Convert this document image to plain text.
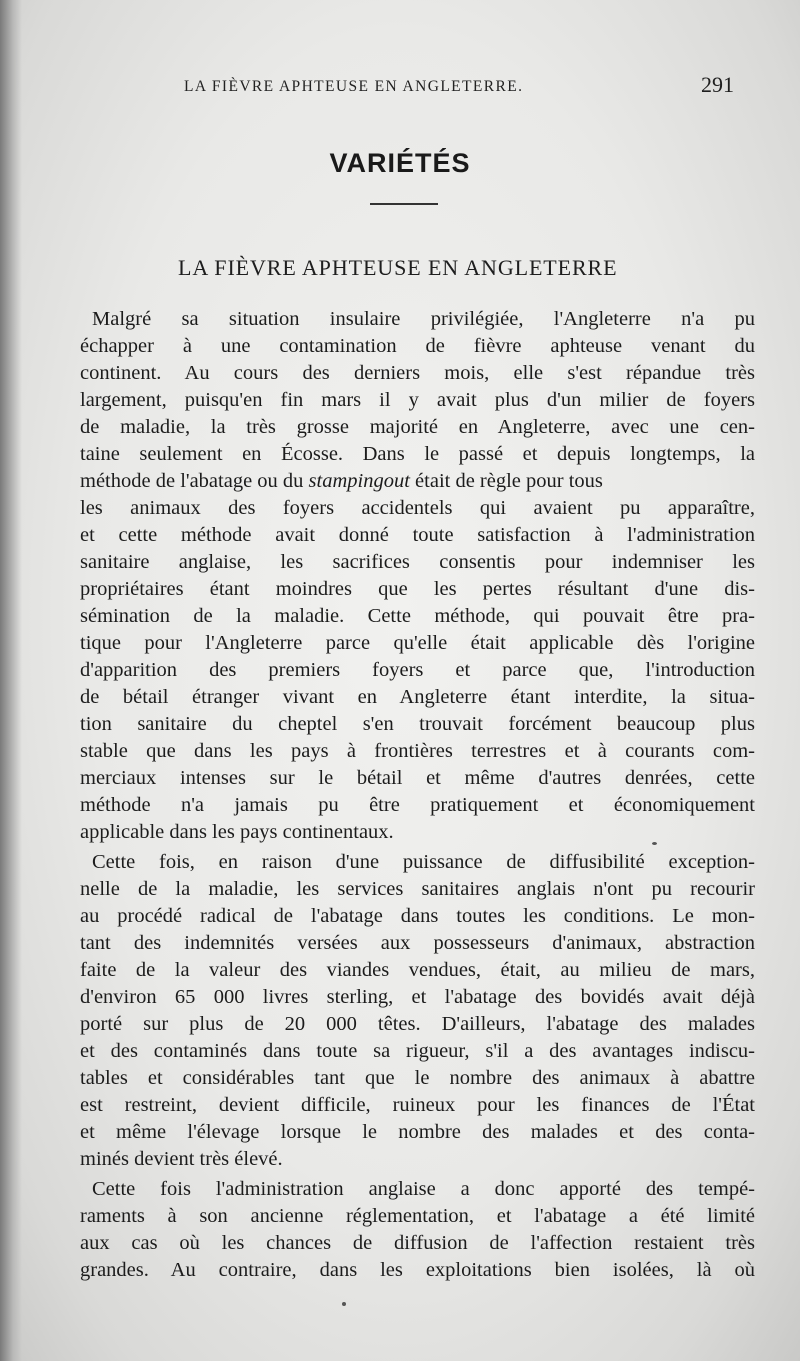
LA FIÈVRE APHTEUSE EN ANGLETERRE.	291
VARIÉTÉS
LA FIÈVRE APHTEUSE EN ANGLETERRE
Malgré sa situation insulaire privilégiée, l'Angleterre n'a pu
échapper à une contamination de fièvre aphteuse venant du
continent. Au cours des derniers mois, elle s'est répandue très
largement, puisqu'en fin mars il y avait plus d'un milier de foyers
de maladie, la très grosse majorité en Angleterre, avec une cen-
taine seulement en Écosse. Dans le passé et depuis longtemps, la
méthode de l'abatage ou du stampingout était de règle pour tous
les animaux des foyers accidentels qui avaient pu apparaître,
et cette méthode avait donné toute satisfaction à l'administration
sanitaire anglaise, les sacrifices consentis pour indemniser les
propriétaires étant moindres que les pertes résultant d'une dis-
sémination de la maladie. Cette méthode, qui pouvait être pra-
tique pour l'Angleterre parce qu'elle était applicable dès l'origine
d'apparition des premiers foyers et parce que, l'introduction
de bétail étranger vivant en Angleterre étant interdite, la situa-
tion sanitaire du cheptel s'en trouvait forcément beaucoup plus
stable que dans les pays à frontières terrestres et à courants com-
merciaux intenses sur le bétail et même d'autres denrées, cette
méthode n'a jamais pu être pratiquement et économiquement
applicable dans les pays continentaux.
Cette fois, en raison d'une puissance de diffusibilité exception-
nelle de la maladie, les services sanitaires anglais n'ont pu recourir
au procédé radical de l'abatage dans toutes les conditions. Le mon-
tant des indemnités versées aux possesseurs d'animaux, abstraction
faite de la valeur des viandes vendues, était, au milieu de mars,
d'environ 65 000 livres sterling, et l'abatage des bovidés avait déjà
porté sur plus de 20 000 têtes. D'ailleurs, l'abatage des malades
et des contaminés dans toute sa rigueur, s'il a des avantages indiscu-
tables et considérables tant que le nombre des animaux à abattre
est restreint, devient difficile, ruineux pour les finances de l'État
et même l'élevage lorsque le nombre des malades et des conta-
minés devient très élevé.
Cette fois l'administration anglaise a donc apporté des tempé-
raments à son ancienne réglementation, et l'abatage a été limité
aux cas où les chances de diffusion de l'affection restaient très
grandes. Au contraire, dans les exploitations bien isolées, là où
